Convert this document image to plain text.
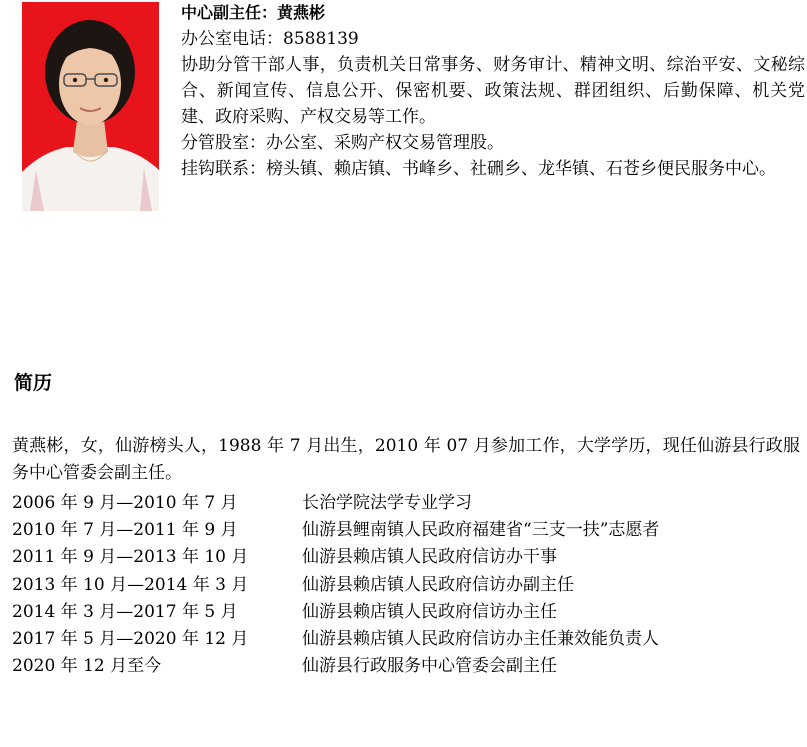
中心副主任：黄燕彬
办公室电话：8588139
协助分管干部人事，负责机关日常事务、财务审计、精神文明、综治平安、文秘综合、新闻宣传、信息公开、保密机要、政策法规、群团组织、后勤保障、机关党建、政府采购、产权交易等工作。
分管股室：办公室、采购产权交易管理股。
挂钩联系：榜头镇、赖店镇、书峰乡、社硎乡、龙华镇、石苍乡便民服务中心。
简历
黄燕彬，女，仙游榜头人，1988 年 7 月出生，2010 年 07 月参加工作，大学学历，现任仙游县行政服务中心管委会副主任。
2006 年 9 月—2010 年 7 月	长治学院法学专业学习
2010 年 7 月—2011 年 9 月	仙游县鲤南镇人民政府福建省“三支一扶”志愿者
2011 年 9 月—2013 年 10 月	仙游县赖店镇人民政府信访办干事
2013 年 10 月—2014 年 3 月	仙游县赖店镇人民政府信访办副主任
2014 年 3 月—2017 年 5 月	仙游县赖店镇人民政府信访办主任
2017 年 5 月—2020 年 12 月	仙游县赖店镇人民政府信访办主任兼效能负责人
2020 年 12 月至今	仙游县行政服务中心管委会副主任
